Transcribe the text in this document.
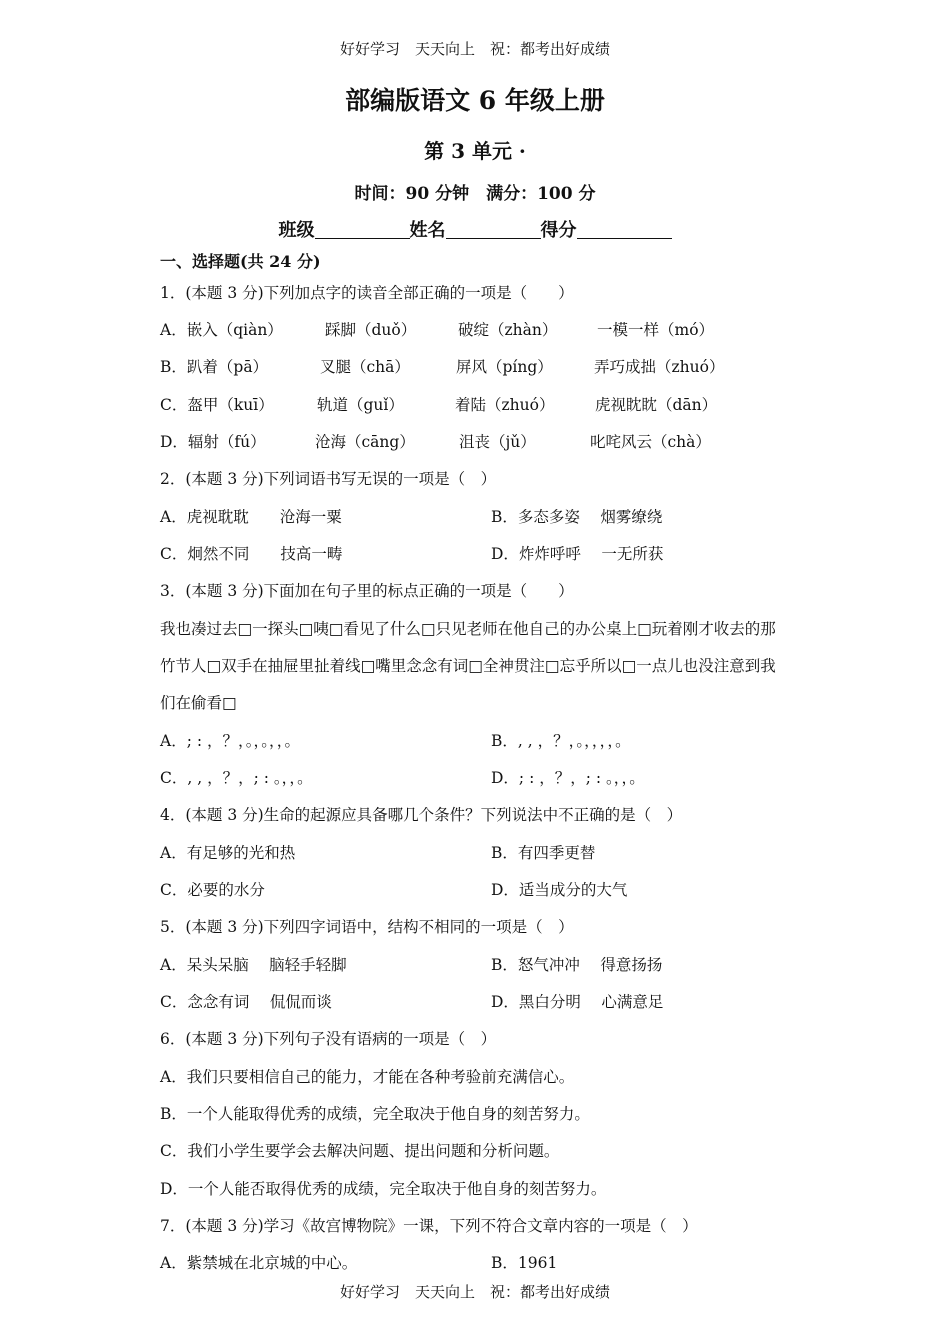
好好学习　天天向上　祝：都考出好成绩
部编版语文 6 年级上册
第 3 单元 ·
时间：90 分钟　满分：100 分
班级	姓名	得分
一、选择题(共 24 分)
1．(本题 3 分)下列加点字的读音全部正确的一项是（　　）
A．嵌入（qiàn）	踩脚（duǒ）	破绽（zhàn）	一模一样（mó）
B．趴着（pā）	叉腿（chā）	屏风（píng）	弄巧成拙（zhuó）
C．盔甲（kuī）	轨道（guǐ）	着陆（zhuó）	虎视眈眈（dān）
D．辐射（fú）	沧海（cāng）	沮丧（jǔ）	叱咤风云（chà）
2．(本题 3 分)下列词语书写无误的一项是（　）
A．虎视耽耽　　沧海一粟	B．多态多姿　 烟雾缭绕
C．炯然不同　　技高一畴	D．炸炸呼呼　 一无所获
3．(本题 3 分)下面加在句子里的标点正确的一项是（　　）
我也凑过去□一探头□咦□看见了什么□只见老师在他自己的办公桌上□玩着刚才收去的那
竹节人□双手在抽屉里扯着线□嘴里念念有词□全神贯注□忘乎所以□一点儿也没注意到我
们在偷看□
A．; : ，？，。，。，，。	B．, , ，？，。，，，，。
C．, , ，？，; : 。，，。	D．; : ，？，; : 。，，。
4．(本题 3 分)生命的起源应具备哪几个条件？下列说法中不正确的是（　）
A．有足够的光和热	B．有四季更替
C．必要的水分	D．适当成分的大气
5．(本题 3 分)下列四字词语中，结构不相同的一项是（　）
A．呆头呆脑　 脑轻手轻脚	B．怒气冲冲　 得意扬扬
C．念念有词　 侃侃而谈	D．黑白分明　 心满意足
6．(本题 3 分)下列句子没有语病的一项是（　）
A．我们只要相信自己的能力，才能在各种考验前充满信心。
B．一个人能取得优秀的成绩，完全取决于他自身的刻苦努力。
C．我们小学生要学会去解决问题、提出问题和分析问题。
D．一个人能否取得优秀的成绩，完全取决于他自身的刻苦努力。
7．(本题 3 分)学习《故宫博物院》一课，下列不符合文章内容的一项是（　）
A．紫禁城在北京城的中心。	B．1961
好好学习　天天向上　祝：都考出好成绩
